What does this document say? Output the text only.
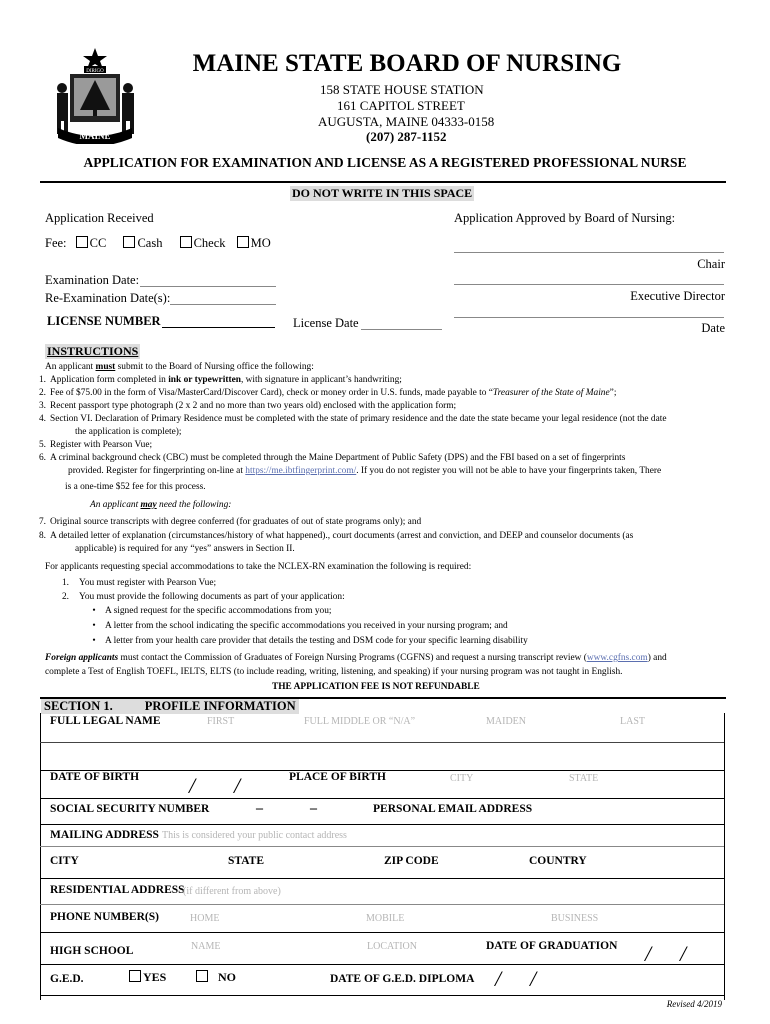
DIRIGO
MAINE
MAINE STATE BOARD OF NURSING
158 STATE HOUSE STATION
161 CAPITOL STREET
AUGUSTA, MAINE 04333-0158
(207) 287-1152
APPLICATION FOR EXAMINATION AND LICENSE AS A REGISTERED PROFESSIONAL NURSE
DO NOT WRITE IN THIS SPACE
Application Received	Application Approved by Board of Nursing:
Fee: CC Cash Check MO
Chair
Examination Date:
Re-Examination Date(s):	Executive Director
LICENSE NUMBER	License Date	Date
INSTRUCTIONS
An applicant must submit to the Board of Nursing office the following:
1. Application form completed in ink or typewritten, with signature in applicant’s handwriting;
2. Fee of $75.00 in the form of Visa/MasterCard/Discover Card), check or money order in U.S. funds, made payable to “Treasurer of the State of Maine”;
3. Recent passport type photograph (2 x 2 and no more than two years old) enclosed with the application form;
4. Section VI. Declaration of Primary Residence must be completed with the state of primary residence and the date the state became your legal residence (not the date
the application is complete);
5. Register with Pearson Vue;
6. A criminal background check (CBC) must be completed through the Maine Department of Public Safety (DPS) and the FBI based on a set of fingerprints
provided. Register for fingerprinting on-line at https://me.ibtfingerprint.com/. If you do not register you will not be able to have your fingerprints taken, There
is a one-time $52 fee for this process.
An applicant may need the following:
7. Original source transcripts with degree conferred (for graduates of out of state programs only); and
8. A detailed letter of explanation (circumstances/history of what happened)., court documents (arrest and conviction, and DEEP and counselor documents (as
applicable) is required for any “yes” answers in Section II.
For applicants requesting special accommodations to take the NCLEX-RN examination the following is required:
1. You must register with Pearson Vue;
2. You must provide the following documents as part of your application:
• A signed request for the specific accommodations from you;
• A letter from the school indicating the specific accommodations you received in your nursing program; and
• A letter from your health care provider that details the testing and DSM code for your specific learning disability
Foreign applicants must contact the Commission of Graduates of Foreign Nursing Programs (CGFNS) and request a nursing transcript review (www.cgfns.com) and
complete a Test of English TOEFL, IELTS, ELTS (to include reading, writing, listening, and speaking) if your nursing program was not taught in English.
THE APPLICATION FEE IS NOT REFUNDABLE
SECTION 1.	PROFILE INFORMATION
FULL LEGAL NAME	FIRST	FULL MIDDLE OR “N/A”	MAIDEN	LAST
DATE OF BIRTH / /	PLACE OF BIRTH	CITY	STATE
SOCIAL SECURITY NUMBER	–	–	PERSONAL EMAIL ADDRESS
MAILING ADDRESS This is considered your public contact address
CITY	STATE	ZIP CODE	COUNTRY
RESIDENTIAL ADDRESS
(if different from above)
PHONE NUMBER(S)	HOME	MOBILE	BUSINESS
HIGH SCHOOL	NAME	LOCATION	DATE OF GRADUATION / /
G.E.D.	YES	NO	DATE OF G.E.D. DIPLOMA / /
Revised 4/2019
